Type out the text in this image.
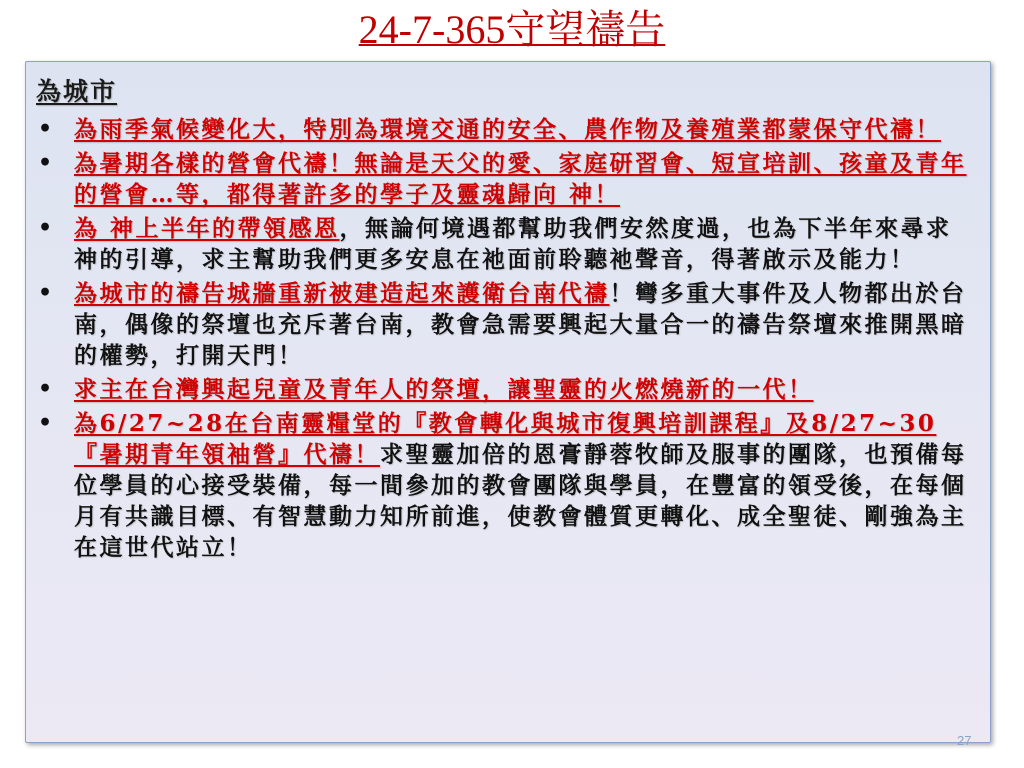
24-7-365守望禱告
為城市
• 為雨季氣候變化大，特別為環境交通的安全、農作物及養殖業都蒙保守代禱！
• 為暑期各樣的營會代禱！無論是天父的愛、家庭研習會、短宣培訓、孩童及青年的營會…等，都得著許多的學子及靈魂歸向 神！
• 為 神上半年的帶領感恩，無論何境遇都幫助我們安然度過，也為下半年來尋求 神的引導，求主幫助我們更多安息在祂面前聆聽祂聲音，得著啟示及能力！
• 為城市的禱告城牆重新被建造起來護衛台南代禱！彎多重大事件及人物都出於台南，偶像的祭壇也充斥著台南，教會急需要興起大量合一的禱告祭壇來推開黑暗的權勢，打開天門！
• 求主在台灣興起兒童及青年人的祭壇，讓聖靈的火燃燒新的一代！
• 為6/27~28在台南靈糧堂的『教會轉化與城市復興培訓課程』及8/27~30『暑期青年領袖營』代禱！求聖靈加倍的恩膏靜蓉牧師及服事的團隊，也預備每位學員的心接受裝備，每一間參加的教會團隊與學員，在豐富的領受後，在每個月有共識目標、有智慧動力知所前進，使教會體質更轉化、成全聖徒、剛強為主在這世代站立！
27
